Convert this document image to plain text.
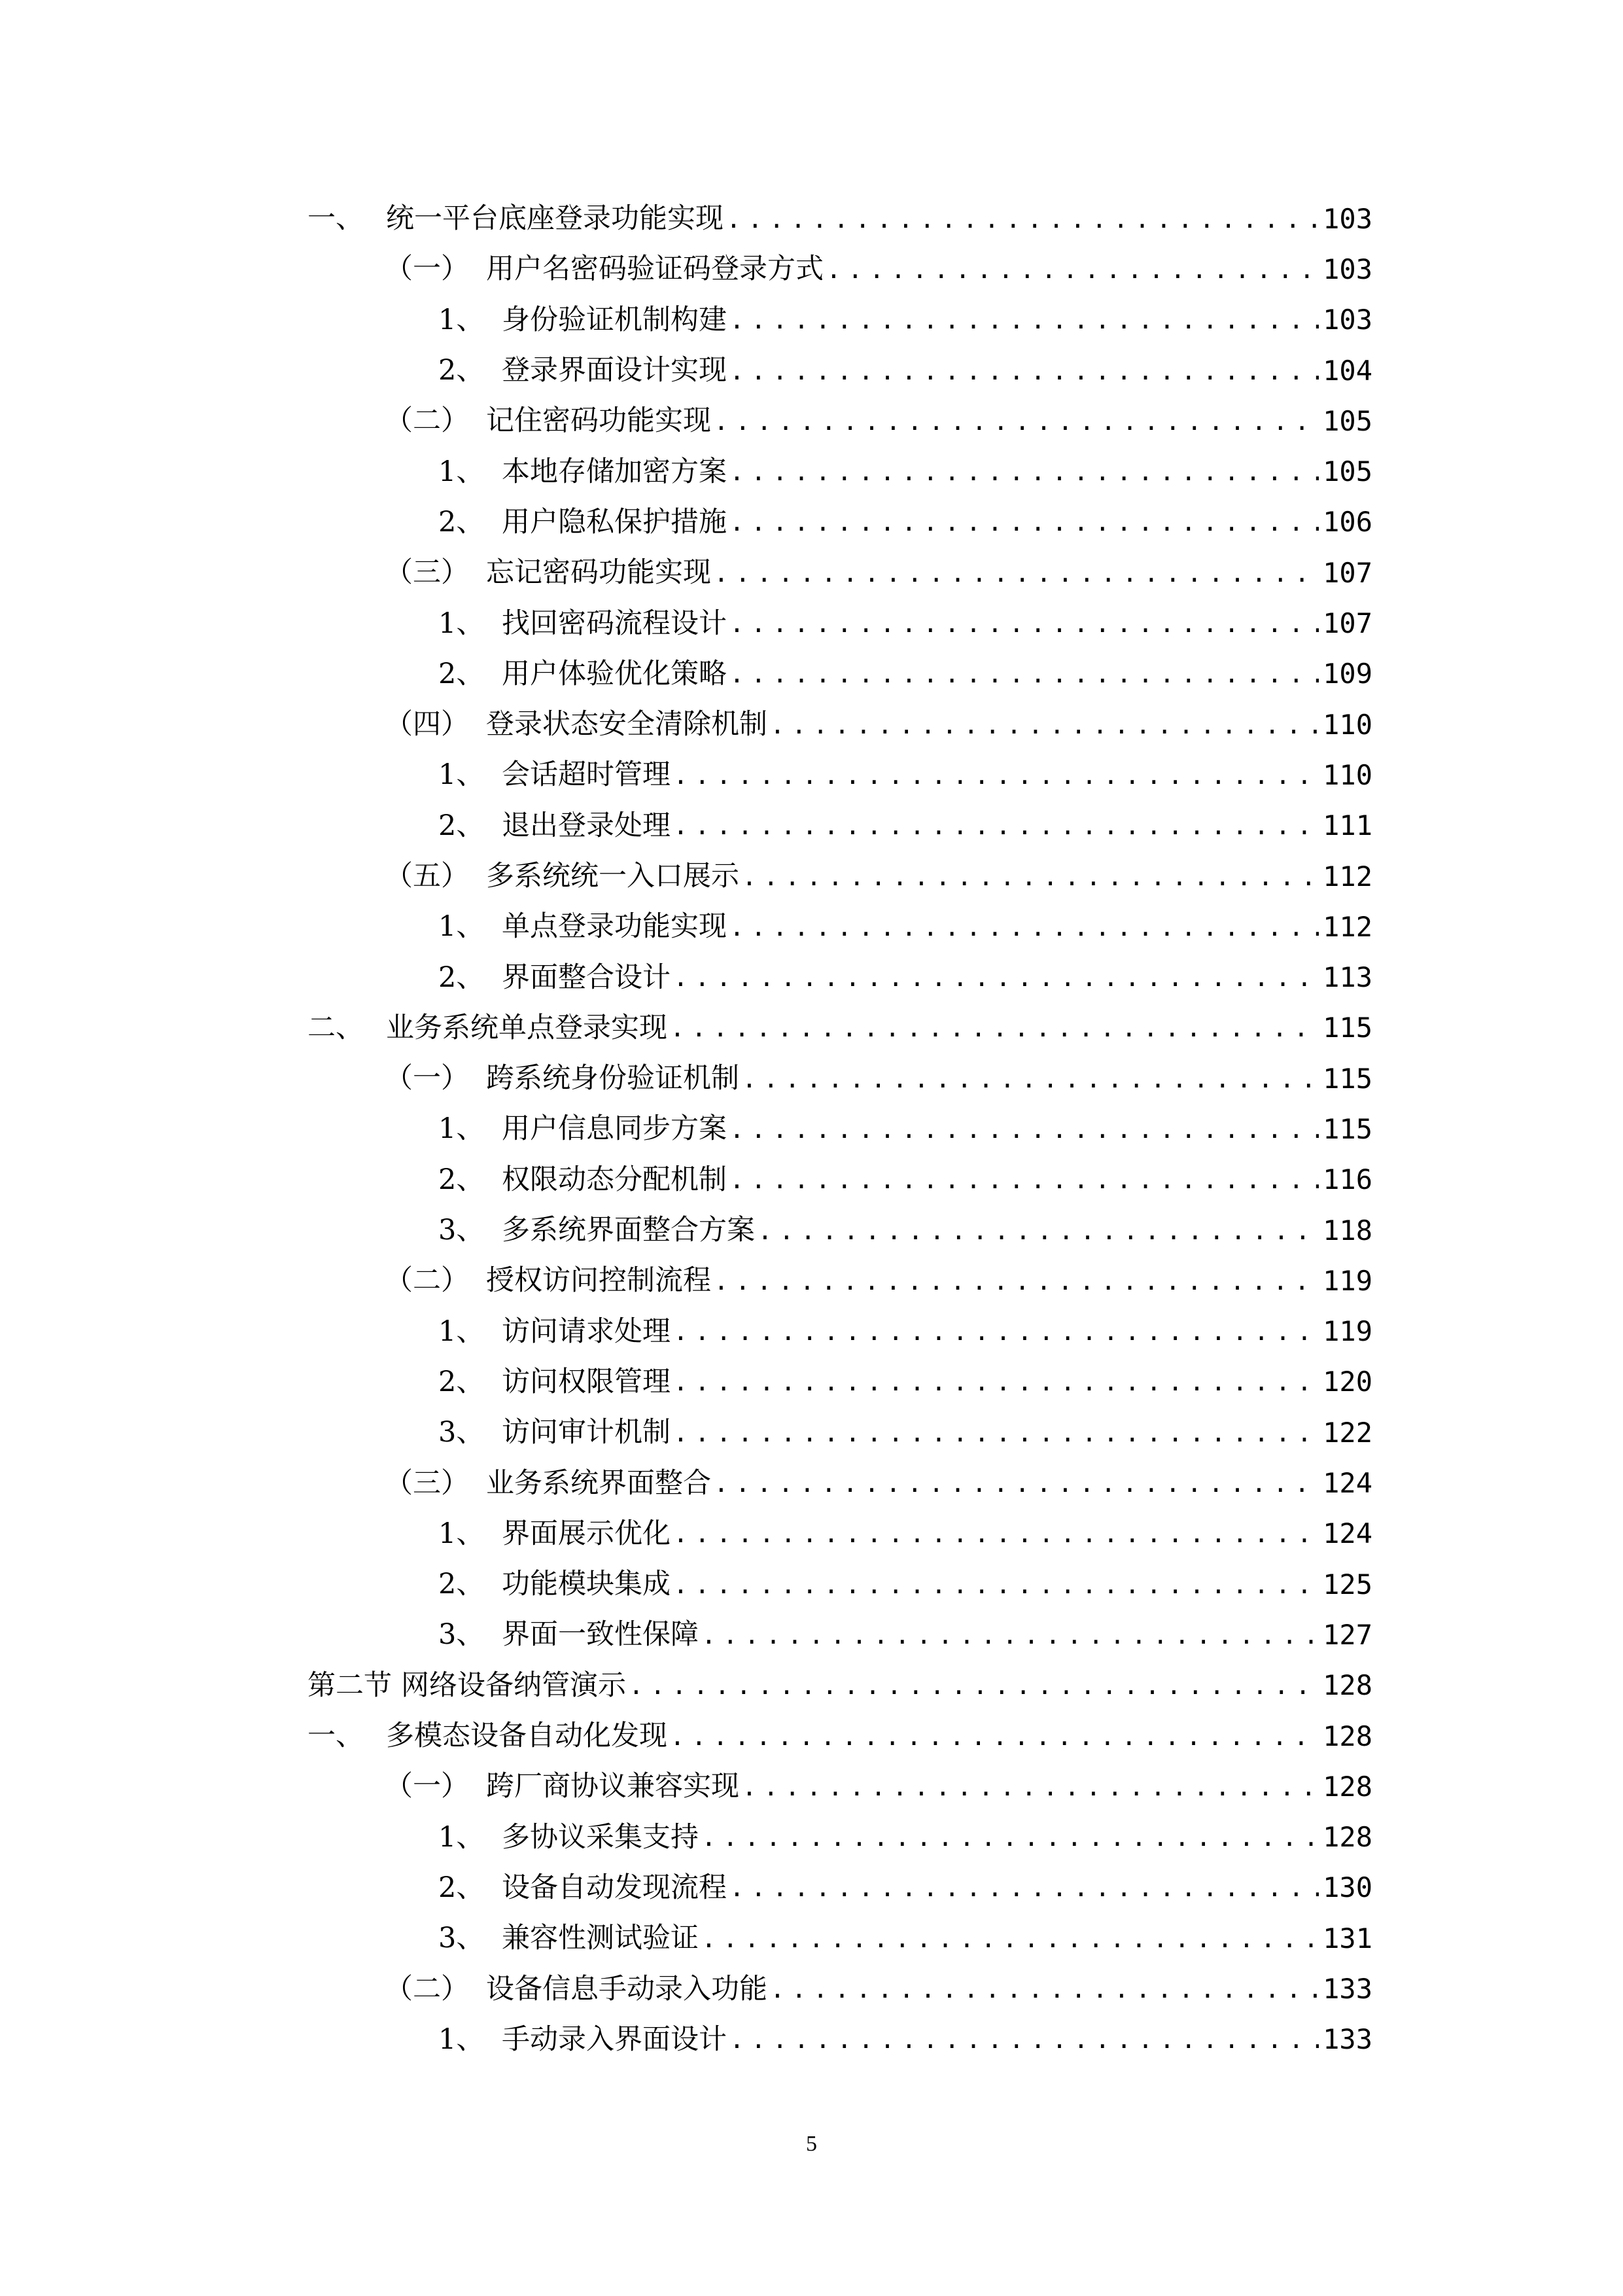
一、 统一平台底座登录功能实现 .....	103
（一） 用户名密码验证码登录方式 .....	103
1、 身份验证机制构建 .....	103
2、 登录界面设计实现 .....	104
（二） 记住密码功能实现 .....	105
1、 本地存储加密方案 .....	105
2、 用户隐私保护措施 .....	106
（三） 忘记密码功能实现 .....	107
1、 找回密码流程设计 .....	107
2、 用户体验优化策略 .....	109
（四） 登录状态安全清除机制 .....	110
1、 会话超时管理 .....	110
2、 退出登录处理 .....	111
（五） 多系统统一入口展示 .....	112
1、 单点登录功能实现 .....	112
2、 界面整合设计 .....	113
二、 业务系统单点登录实现 .....	115
（一） 跨系统身份验证机制 .....	115
1、 用户信息同步方案 .....	115
2、 权限动态分配机制 .....	116
3、 多系统界面整合方案 .....	118
（二） 授权访问控制流程 .....	119
1、 访问请求处理 .....	119
2、 访问权限管理 .....	120
3、 访问审计机制 .....	122
（三） 业务系统界面整合 .....	124
1、 界面展示优化 .....	124
2、 功能模块集成 .....	125
3、 界面一致性保障 .....	127
第二节 网络设备纳管演示 .....	128
一、 多模态设备自动化发现 .....	128
（一） 跨厂商协议兼容实现 .....	128
1、 多协议采集支持 .....	128
2、 设备自动发现流程 .....	130
3、 兼容性测试验证 .....	131
（二） 设备信息手动录入功能 .....	133
1、 手动录入界面设计 .....	133
5
